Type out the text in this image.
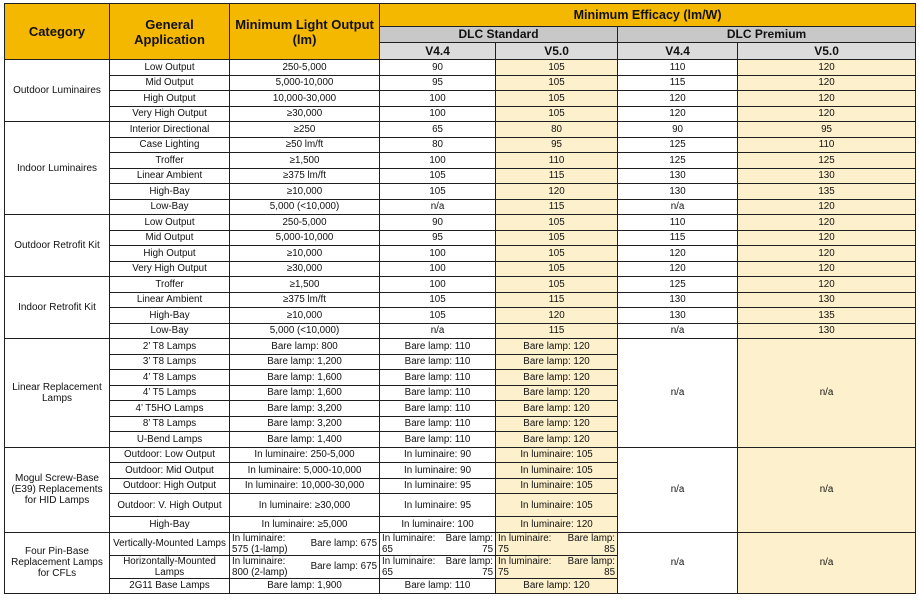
Category	General Application	Minimum Light Output (lm)		Minimum Efficacy (lm/W)					
				DLC Standard				DLC Premium	
				V4.4		V5.0		V4.4	V5.0
Outdoor Luminaires	Low Output	250-5,000		90		105		110	120
	Mid Output	5,000-10,000		95		105		115	120
	High Output	10,000-30,000		100		105		120	120
	Very High Output	≥30,000		100		105		120	120
Indoor Luminaires	Interior Directional	≥250		65		80		90	95
	Case Lighting	≥50 lm/ft		80		95		125	110
	Troffer	≥1,500		100		110		125	125
	Linear Ambient	≥375 lm/ft		105		115		130	130
	High-Bay	≥10,000		105		120		130	135
	Low-Bay	5,000 (<10,000)		n/a		115		n/a	120
Outdoor Retrofit Kit	Low Output	250-5,000		90		105		110	120
	Mid Output	5,000-10,000		95		105		115	120
	High Output	≥10,000		100		105		120	120
	Very High Output	≥30,000		100		105		120	120
Indoor Retrofit Kit	Troffer	≥1,500		100		105		125	120
	Linear Ambient	≥375 lm/ft		105		115		130	130
	High-Bay	≥10,000		105		120		130	135
	Low-Bay	5,000 (<10,000)		n/a		115		n/a	130
Linear Replacement Lamps	2’ T8 Lamps	Bare lamp: 800		Bare lamp: 110		Bare lamp: 120		n/a	n/a
	3’ T8 Lamps	Bare lamp: 1,200		Bare lamp: 110		Bare lamp: 120			
	4’ T8 Lamps	Bare lamp: 1,600		Bare lamp: 110		Bare lamp: 120			
	4’ T5 Lamps	Bare lamp: 1,600		Bare lamp: 110		Bare lamp: 120			
	4’ T5HO Lamps	Bare lamp: 3,200		Bare lamp: 110		Bare lamp: 120			
	8’ T8 Lamps	Bare lamp: 3,200		Bare lamp: 110		Bare lamp: 120			
	U-Bend Lamps	Bare lamp: 1,400		Bare lamp: 110		Bare lamp: 120			
Mogul Screw-Base (E39) Replacements for HID Lamps	Outdoor: Low Output	In luminaire: 250-5,000		In luminaire: 90		In luminaire: 105		n/a	n/a
	Outdoor: Mid Output	In luminaire: 5,000-10,000		In luminaire: 90		In luminaire: 105			
	Outdoor: High Output	In luminaire: 10,000-30,000		In luminaire: 95		In luminaire: 105			
	Outdoor: V. High Output	In luminaire: ≥30,000		In luminaire: 95		In luminaire: 105			
	High-Bay	In luminaire: ≥5,000		In luminaire: 100		In luminaire: 120			
Four Pin-Base Replacement Lamps for CFLs	Vertically-Mounted Lamps	In luminaire: 575 (1-lamp)	Bare lamp: 675	In luminaire: 65	Bare lamp: 75	In luminaire: 75	Bare lamp: 85	n/a	n/a
	Horizontally-Mounted Lamps	In luminaire: 800 (2-lamp)	Bare lamp: 675	In luminaire: 65	Bare lamp: 75	In luminaire: 75	Bare lamp: 85		
	2G11 Base Lamps	Bare lamp: 1,900		Bare lamp: 110		Bare lamp: 120			
